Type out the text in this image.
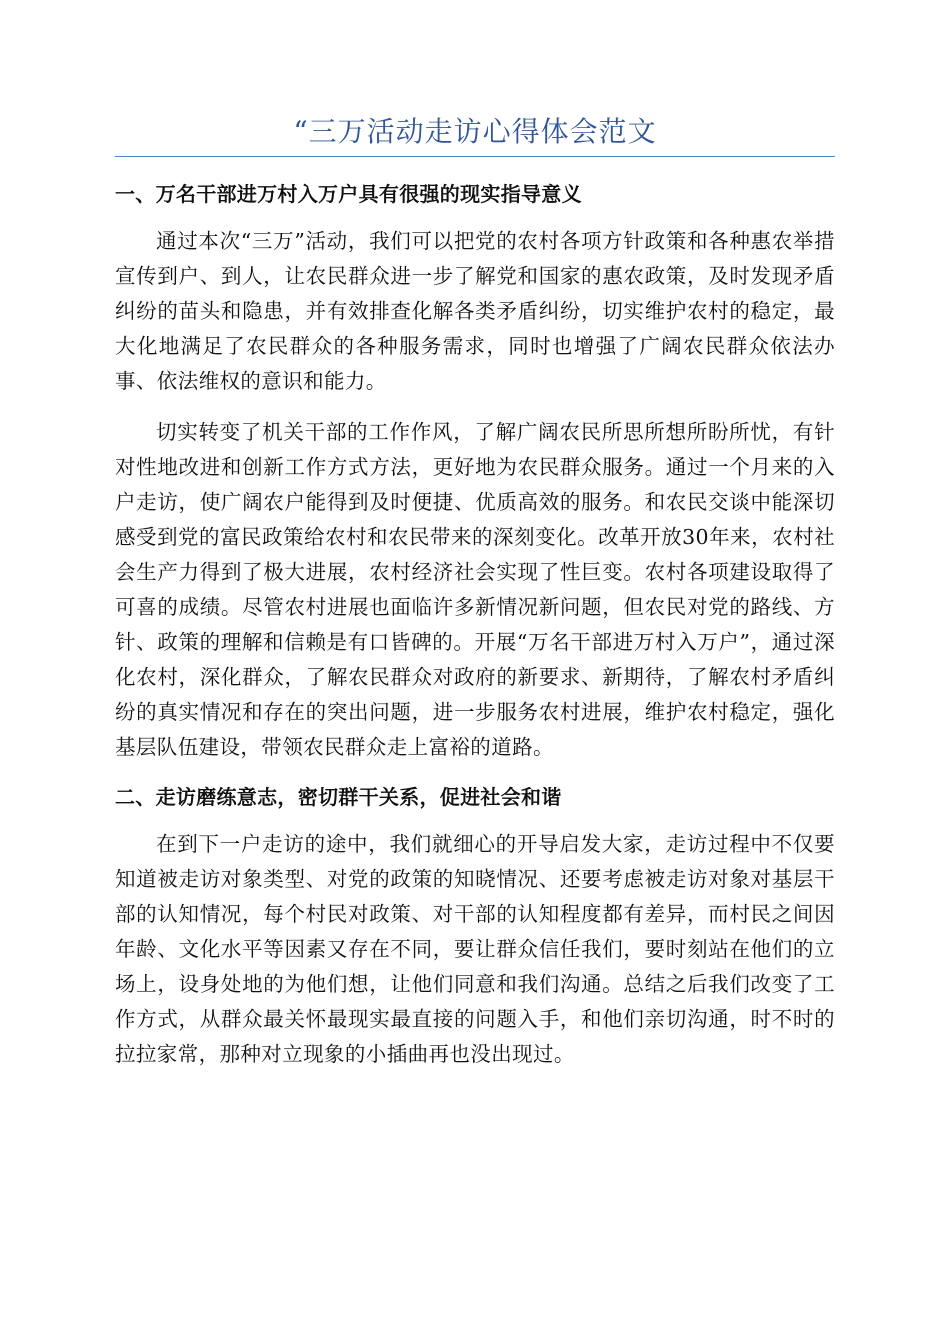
“三万活动走访心得体会范文
一、万名干部进万村入万户具有很强的现实指导意义

通过本次“三万”活动，我们可以把党的农村各项方针政策和各种惠农举措宣传到户、到人，让农民群众进一步了解党和国家的惠农政策，及时发现矛盾纠纷的苗头和隐患，并有效排查化解各类矛盾纠纷，切实维护农村的稳定，最大化地满足了农民群众的各种服务需求，同时也增强了广阔农民群众依法办事、依法维权的意识和能力。

切实转变了机关干部的工作作风，了解广阔农民所思所想所盼所忧，有针对性地改进和创新工作方式方法，更好地为农民群众服务。通过一个月来的入户走访，使广阔农户能得到及时便捷、优质高效的服务。和农民交谈中能深切感受到党的富民政策给农村和农民带来的深刻变化。改革开放30年来，农村社会生产力得到了极大进展，农村经济社会实现了性巨变。农村各项建设取得了可喜的成绩。尽管农村进展也面临许多新情况新问题，但农民对党的路线、方针、政策的理解和信赖是有口皆碑的。开展“万名干部进万村入万户”，通过深化农村，深化群众，了解农民群众对政府的新要求、新期待，了解农村矛盾纠纷的真实情况和存在的突出问题，进一步服务农村进展，维护农村稳定，强化基层队伍建设，带领农民群众走上富裕的道路。

二、走访磨练意志，密切群干关系，促进社会和谐

在到下一户走访的途中，我们就细心的开导启发大家，走访过程中不仅要知道被走访对象类型、对党的政策的知晓情况、还要考虑被走访对象对基层干部的认知情况，每个村民对政策、对干部的认知程度都有差异，而村民之间因年龄、文化水平等因素又存在不同，要让群众信任我们，要时刻站在他们的立场上，设身处地的为他们想，让他们同意和我们沟通。总结之后我们改变了工作方式，从群众最关怀最现实最直接的问题入手，和他们亲切沟通，时不时的拉拉家常，那种对立现象的小插曲再也没出现过。
